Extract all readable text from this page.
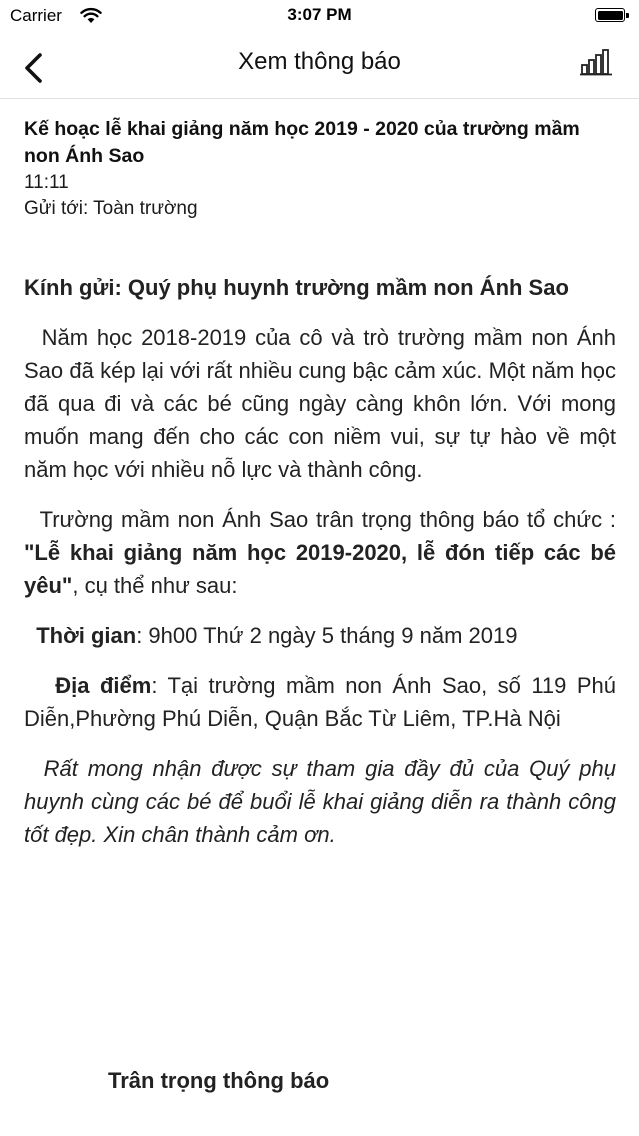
Carrier	3:07 PM
Xem thông báo
Kế hoạc lễ khai giảng năm học 2019 - 2020 của trường mầm non Ánh Sao
11:11
Gửi tới: Toàn trường

Kính gửi: Quý phụ huynh trường mầm non Ánh Sao

Năm học 2018-2019 của cô và trò trường mầm non Ánh Sao đã kép lại với rất nhiều cung bậc cảm xúc. Một năm học đã qua đi và các bé cũng ngày càng khôn lớn. Với mong muốn mang đến cho các con niềm vui, sự tự hào về một năm học với nhiều nỗ lực và thành công.

Trường mầm non Ánh Sao trân trọng thông báo tổ chức : "Lễ khai giảng năm học 2019-2020, lễ đón tiếp các bé yêu", cụ thể như sau:

Thời gian: 9h00 Thứ 2 ngày 5 tháng 9 năm 2019

Địa điểm: Tại trường mầm non Ánh Sao, số 119 Phú Diễn,Phường Phú Diễn, Quận Bắc Từ Liêm, TP.Hà Nội

Rất mong nhận được sự tham gia đầy đủ của Quý phụ huynh cùng các bé để buổi lễ khai giảng diễn ra thành công tốt đẹp. Xin chân thành cảm ơn.

Trân trọng thông báo
